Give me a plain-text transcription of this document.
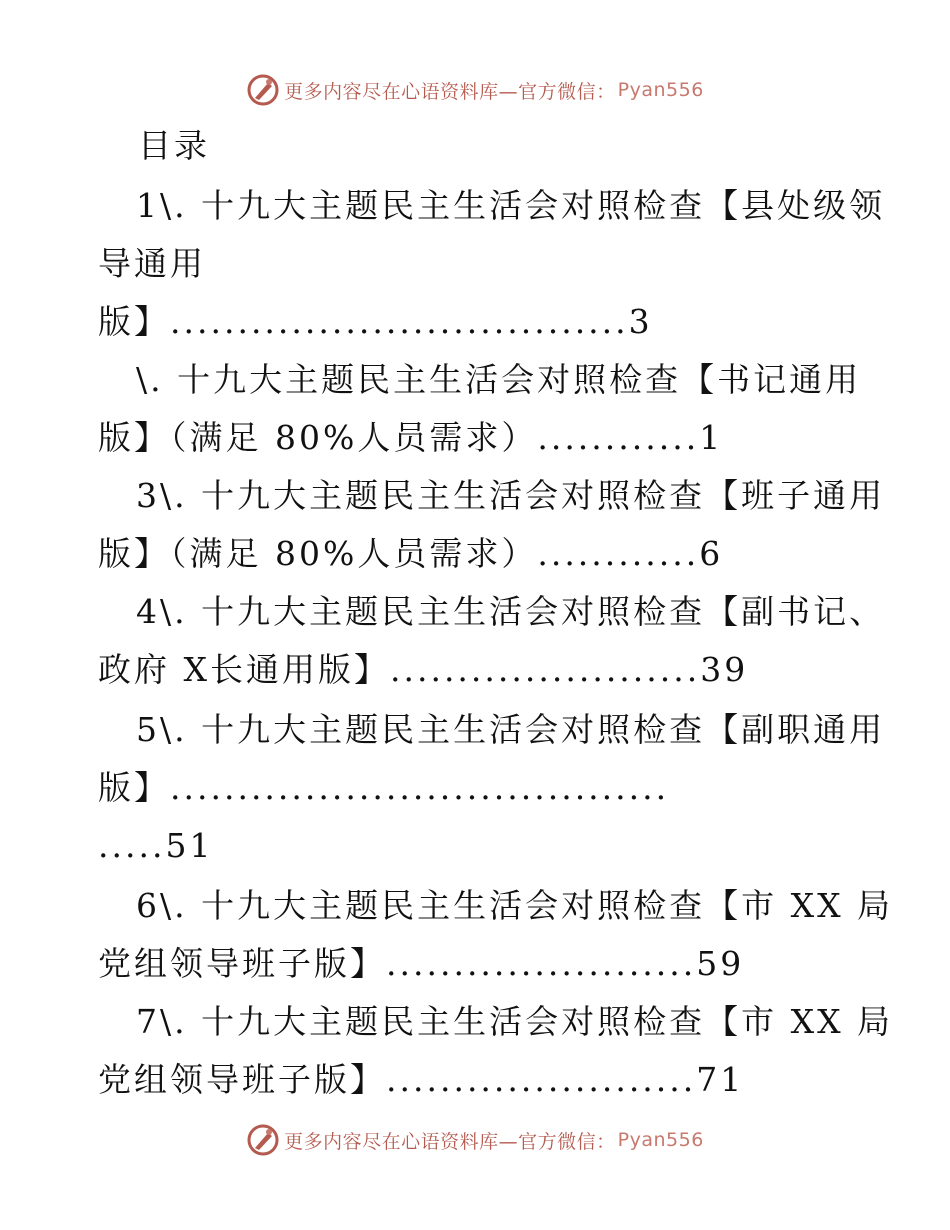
更多内容尽在心语资料库—官方微信： Pyan556
目录
1\. 十九大主题民主生活会对照检查【县处级领
导通用
版】..................................3
\. 十九大主题民主生活会对照检查【书记通用
版】（满足 80%人员需求）............1
3\. 十九大主题民主生活会对照检查【班子通用
版】（满足 80%人员需求）............6
4\. 十九大主题民主生活会对照检查【副书记、
政府 X长通用版】.......................39
5\. 十九大主题民主生活会对照检查【副职通用
版】.....................................
.....51
6\. 十九大主题民主生活会对照检查【市 XX 局
党组领导班子版】.......................59
7\. 十九大主题民主生活会对照检查【市 XX 局
党组领导班子版】.......................71
更多内容尽在心语资料库—官方微信： Pyan556
